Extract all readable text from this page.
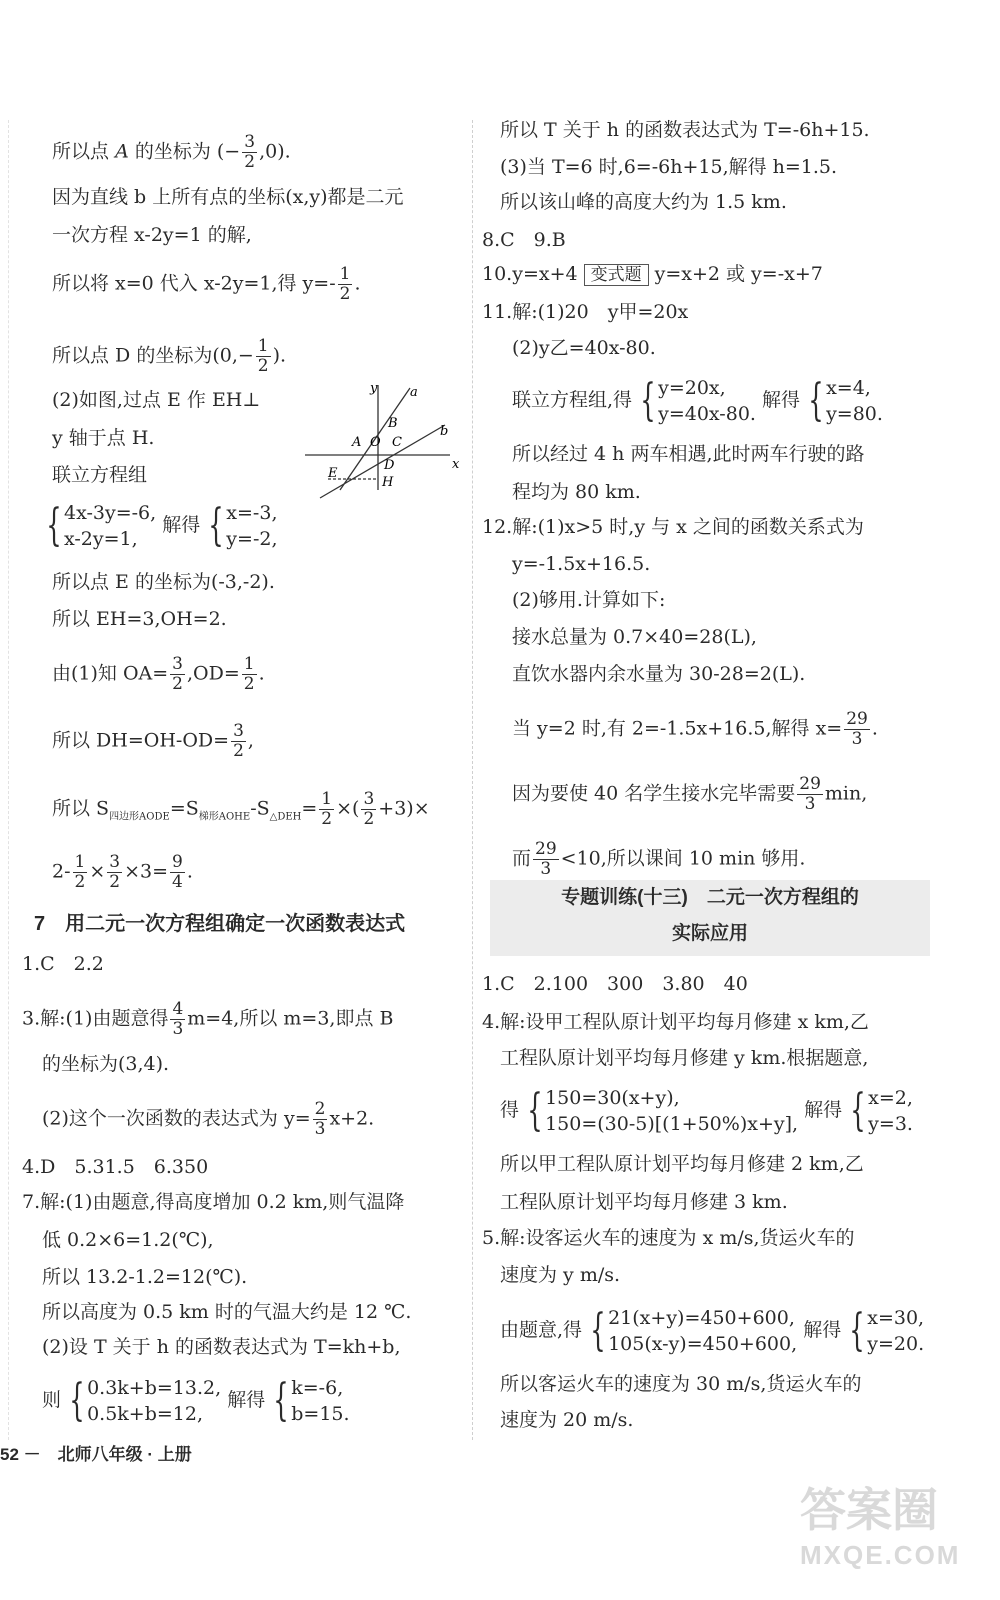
所以点 A 的坐标为 (− $\frac{3}{2} ,0$).
因为直线 b 上所有点的坐标(x,y)都是二元
一次方程 x-2y=1 的解,
所以将 x=0 代入 x-2y=1,得 $y=- \frac{1}{2}$ .
所以点 D 的坐标为($0,- \frac{1}{2}$ ).
(2)如图,过点 E 作 EH⊥
y 轴于点 H.
联立方程组
{ 4x-3y=-6,
x-2y=1,
解得 { x=-3,
y=-2,
所以点 E 的坐标为(-3,-2).
所以 EH=3,OH=2.
由(1)知 $OA= \frac{3}{2} ,OD= \frac{1}{2}$ .
所以 $DH=OH-OD= \frac{3}{2}$ ,
所以 $S_{四边形AODE}=S_{梯形AOHE}-S_{\triangle DEH}= \frac{1}{2}$ ×( $\frac{3}{2} +3)\times$
$2- \frac{1}{2} \times \frac{3}{2} \times 3= \frac{9}{4}$ .
7　用二元一次方程组确定一次函数表达式
1.C　2.2
3.解:(1)由题意得 $\frac{4}{3} m=4$,所以 m=3,即点 B
的坐标为(3,4).
(2)这个一次函数的表达式为 $y= \frac{2}{3} x+2$.
4.D　5.31.5　6.350
7.解:(1)由题意,得高度增加 0.2 km,则气温降
低 0.2×6=1.2(℃),
所以 13.2-1.2=12(℃).
所以高度为 0.5 km 时的气温大约是 12 ℃.
(2)设 T 关于 h 的函数表达式为 T=kh+b,
则 { 0.3k+b=13.2,
0.5k+b=12,
解得 { k=-6,
b=15.
y
x
a
b
B
A O C
D
E
H
所以 T 关于 h 的函数表达式为 T=-6h+15.
(3)当 T=6 时,6=-6h+15,解得 h=1.5.
所以该山峰的高度大约为 1.5 km.
8.C　9.B
10.y=x+4 变式题 y=x+2 或 y=-x+7
11.解:(1)20　y甲=20x
(2)y乙=40x-80.
联立方程组,得 { y=20x,
y=40x-80.
解得 { x=4,
y=80.
所以经过 4 h 两车相遇,此时两车行驶的路
程均为 80 km.
12.解:(1)x>5 时,y 与 x 之间的函数关系式为
y=-1.5x+16.5.
(2)够用.计算如下:
接水总量为 0.7×40=28(L),
直饮水器内余水量为 30-28=2(L).
当 y=2 时,有 2=-1.5x+16.5,解得 $x= \frac{29}{3}$ .
因为要使 40 名学生接水完毕需要 $\frac{29}{3} \min$,
而 $\frac{29}{3} <10$,所以课间 10 min 够用.
专题训练(十三)　二元一次方程组的
实际应用
1.C　2.100　300　3.80　40
4.解:设甲工程队原计划平均每月修建 x km,乙
工程队原计划平均每月修建 y km.根据题意,
得 { 150=30(x+y),
150=(30-5)[(1+50%)x+y],
解得 { x=2,
y=3.
所以甲工程队原计划平均每月修建 2 km,乙
工程队原计划平均每月修建 3 km.
5.解:设客运火车的速度为 x m/s,货运火车的
速度为 y m/s.
由题意,得 { 21(x+y)=450+600,
105(x-y)=450+600,
解得 { x=30,
y=20.
所以客运火车的速度为 30 m/s,货运火车的
速度为 20 m/s.
52 －　北师八年级 · 上册
答案圈
MXQE.COM
